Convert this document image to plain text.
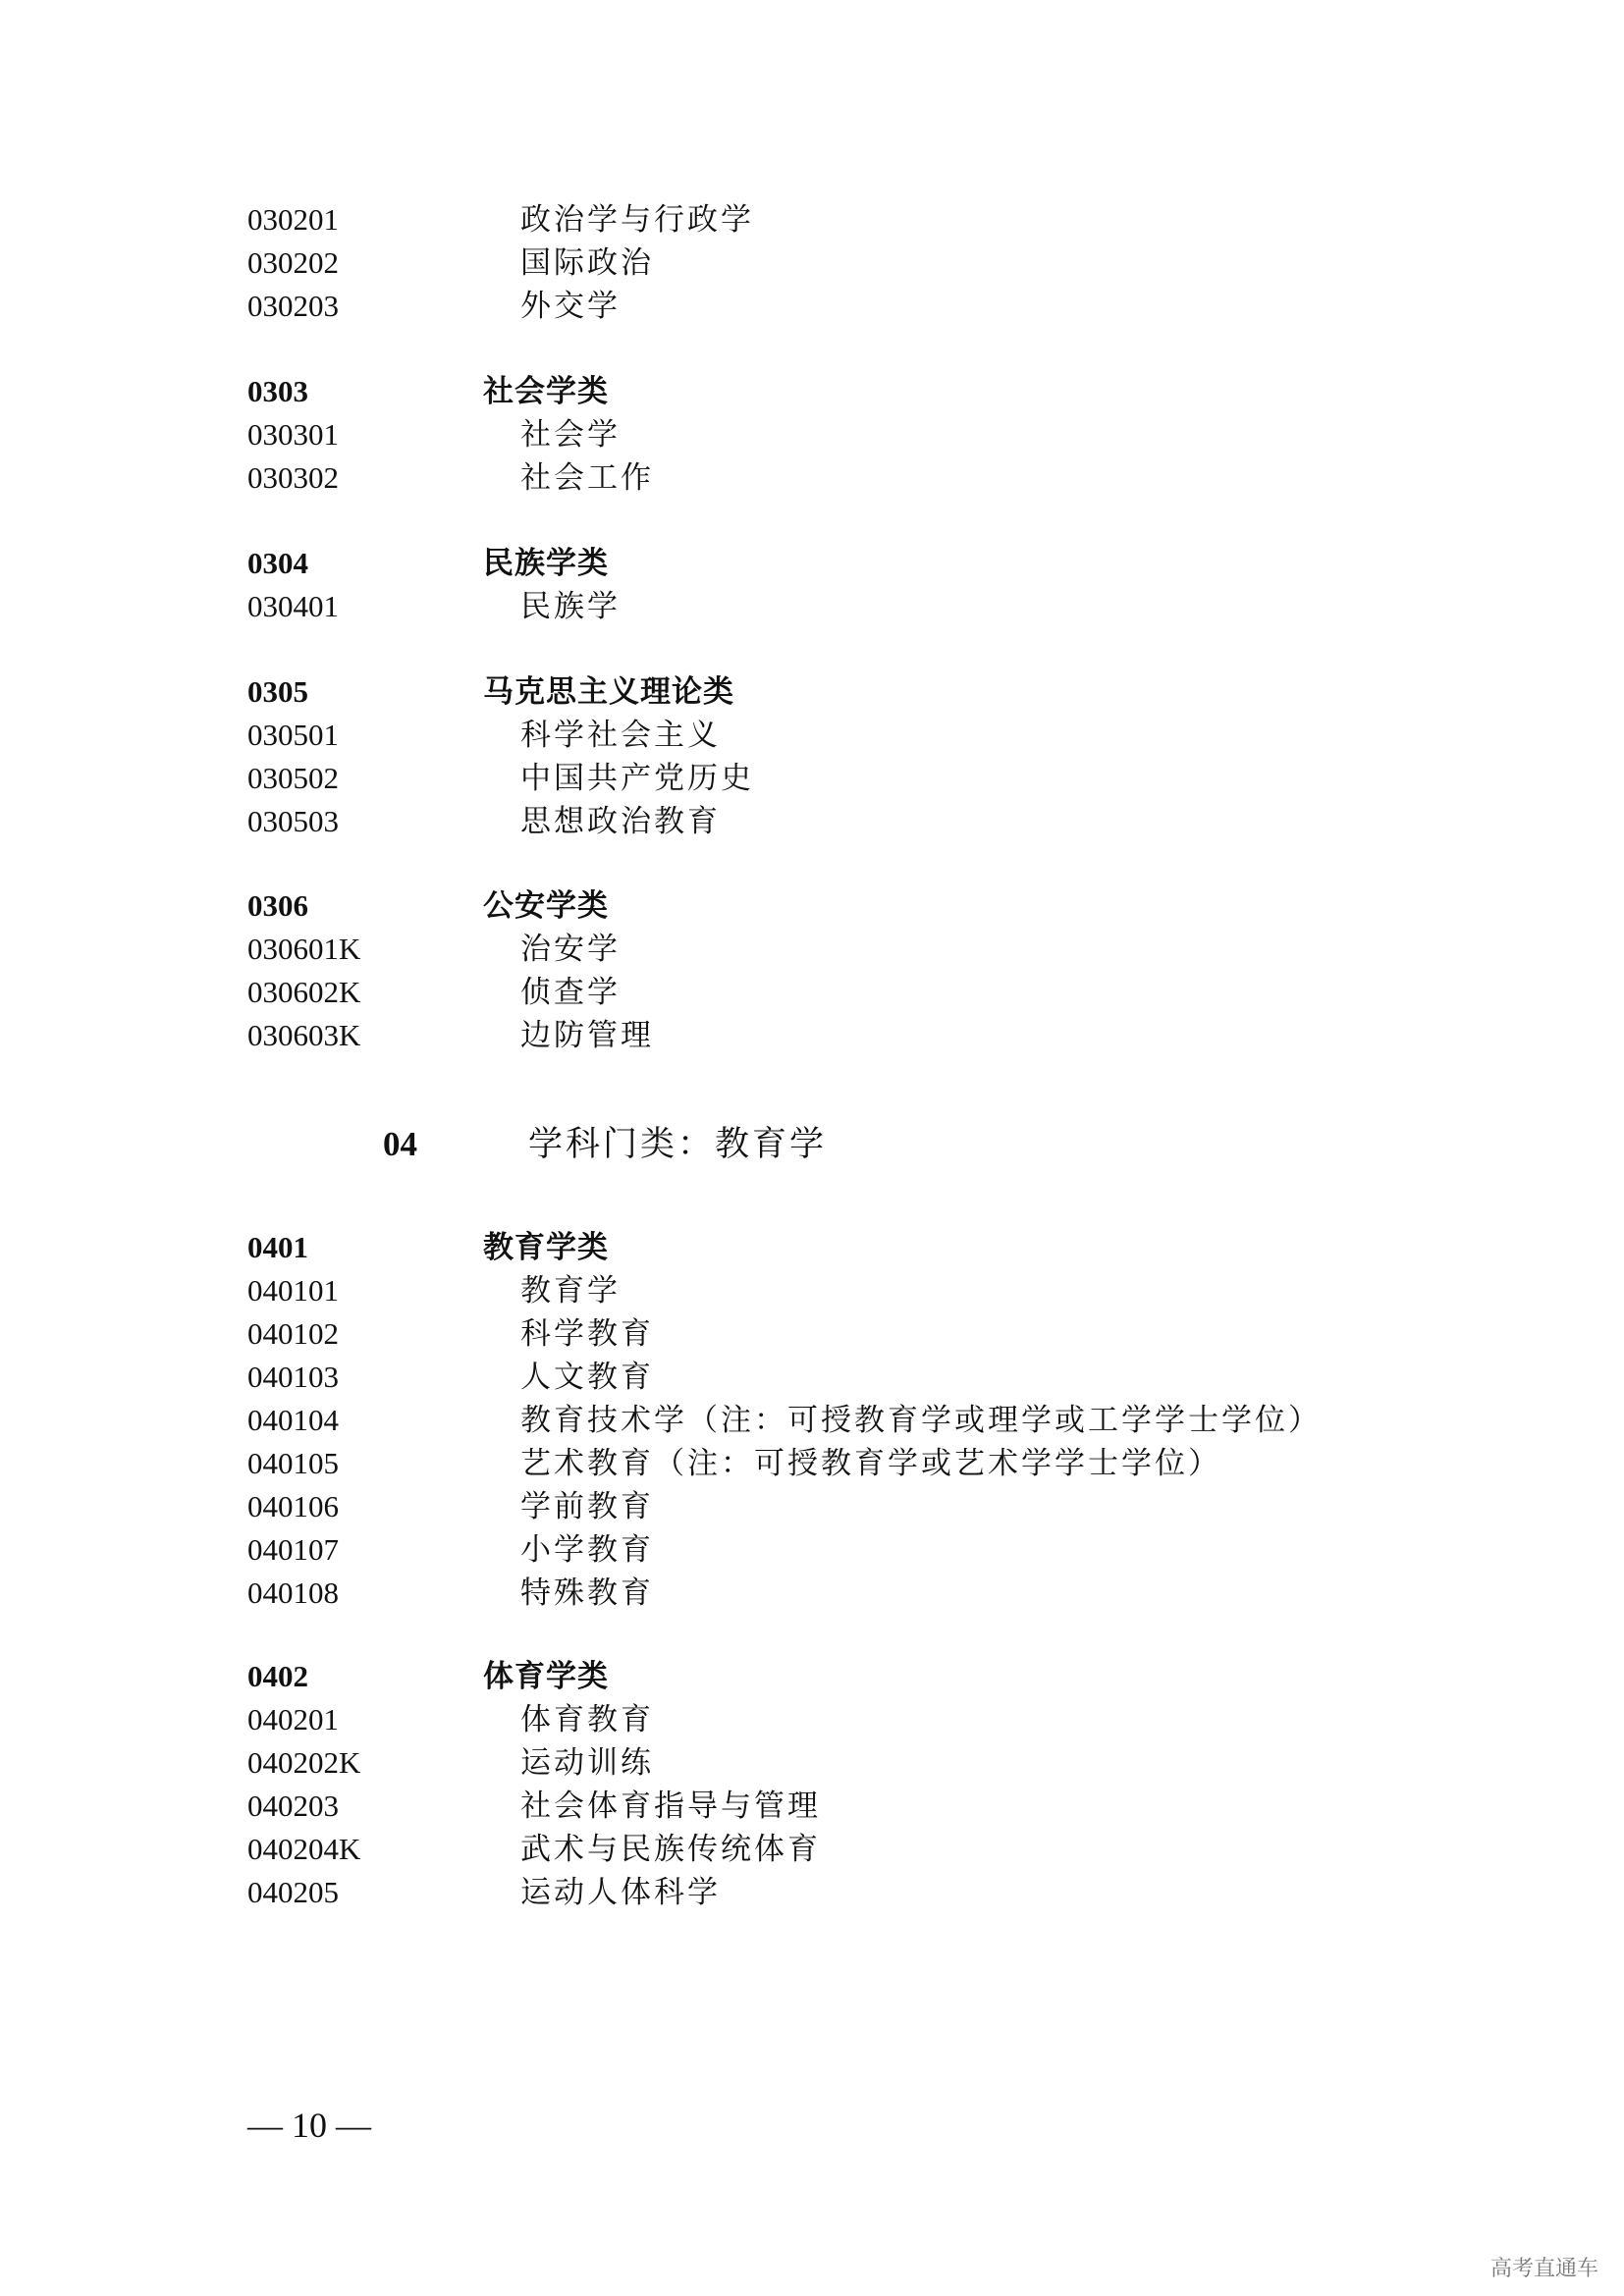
030201	政治学与行政学
030202	国际政治
030203	外交学
0303	社会学类
030301	社会学
030302	社会工作
0304	民族学类
030401	民族学
0305	马克思主义理论类
030501	科学社会主义
030502	中国共产党历史
030503	思想政治教育
0306	公安学类
030601K	治安学
030602K	侦查学
030603K	边防管理
04	学科门类：教育学
0401	教育学类
040101	教育学
040102	科学教育
040103	人文教育
040104	教育技术学（注：可授教育学或理学或工学学士学位）
040105	艺术教育（注：可授教育学或艺术学学士学位）
040106	学前教育
040107	小学教育
040108	特殊教育
0402	体育学类
040201	体育教育
040202K	运动训练
040203	社会体育指导与管理
040204K	武术与民族传统体育
040205	运动人体科学
— 10 —
高考直通车
